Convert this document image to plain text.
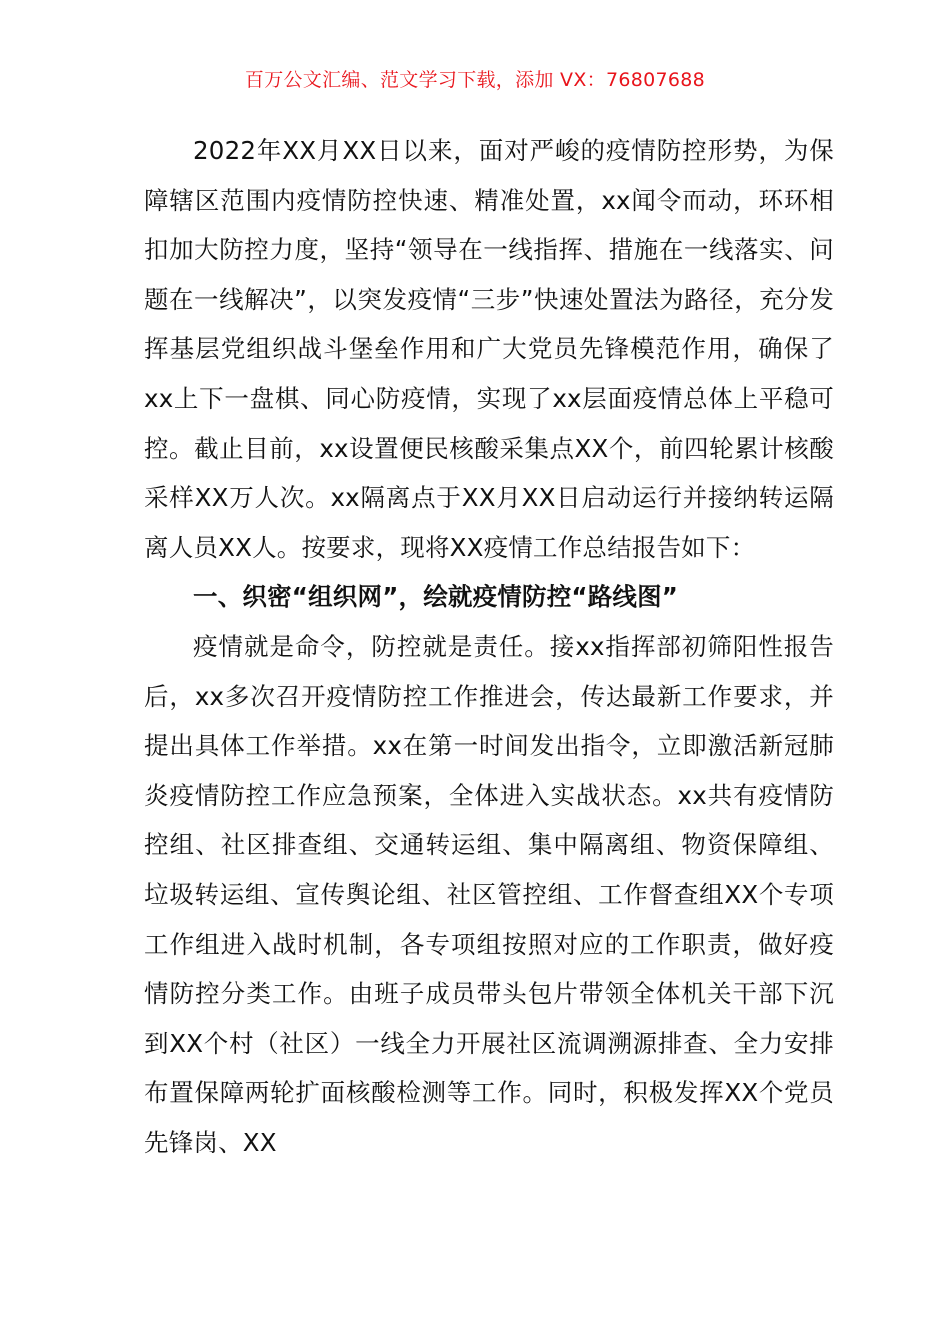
百万公文汇编、范文学习下载，添加 VX：76807688

2022年XX月XX日以来，面对严峻的疫情防控形势，为保障辖区范围内疫情防控快速、精准处置，xx闻令而动，环环相扣加大防控力度，坚持“领导在一线指挥、措施在一线落实、问题在一线解决”，以突发疫情“三步”快速处置法为路径，充分发挥基层党组织战斗堡垒作用和广大党员先锋模范作用，确保了xx上下一盘棋、同心防疫情，实现了xx层面疫情总体上平稳可控。截止目前，xx设置便民核酸采集点XX个，前四轮累计核酸采样XX万人次。xx隔离点于XX月XX日启动运行并接纳转运隔离人员XX人。按要求，现将XX疫情工作总结报告如下：

一、织密“组织网”，绘就疫情防控“路线图”

疫情就是命令，防控就是责任。接xx指挥部初筛阳性报告后，xx多次召开疫情防控工作推进会，传达最新工作要求，并提出具体工作举措。xx在第一时间发出指令，立即激活新冠肺炎疫情防控工作应急预案，全体进入实战状态。xx共有疫情防控组、社区排查组、交通转运组、集中隔离组、物资保障组、垃圾转运组、宣传舆论组、社区管控组、工作督查组XX个专项工作组进入战时机制，各专项组按照对应的工作职责，做好疫情防控分类工作。由班子成员带头包片带领全体机关干部下沉到XX个村（社区）一线全力开展社区流调溯源排查、全力安排布置保障两轮扩面核酸检测等工作。同时，积极发挥XX个党员先锋岗、XX
